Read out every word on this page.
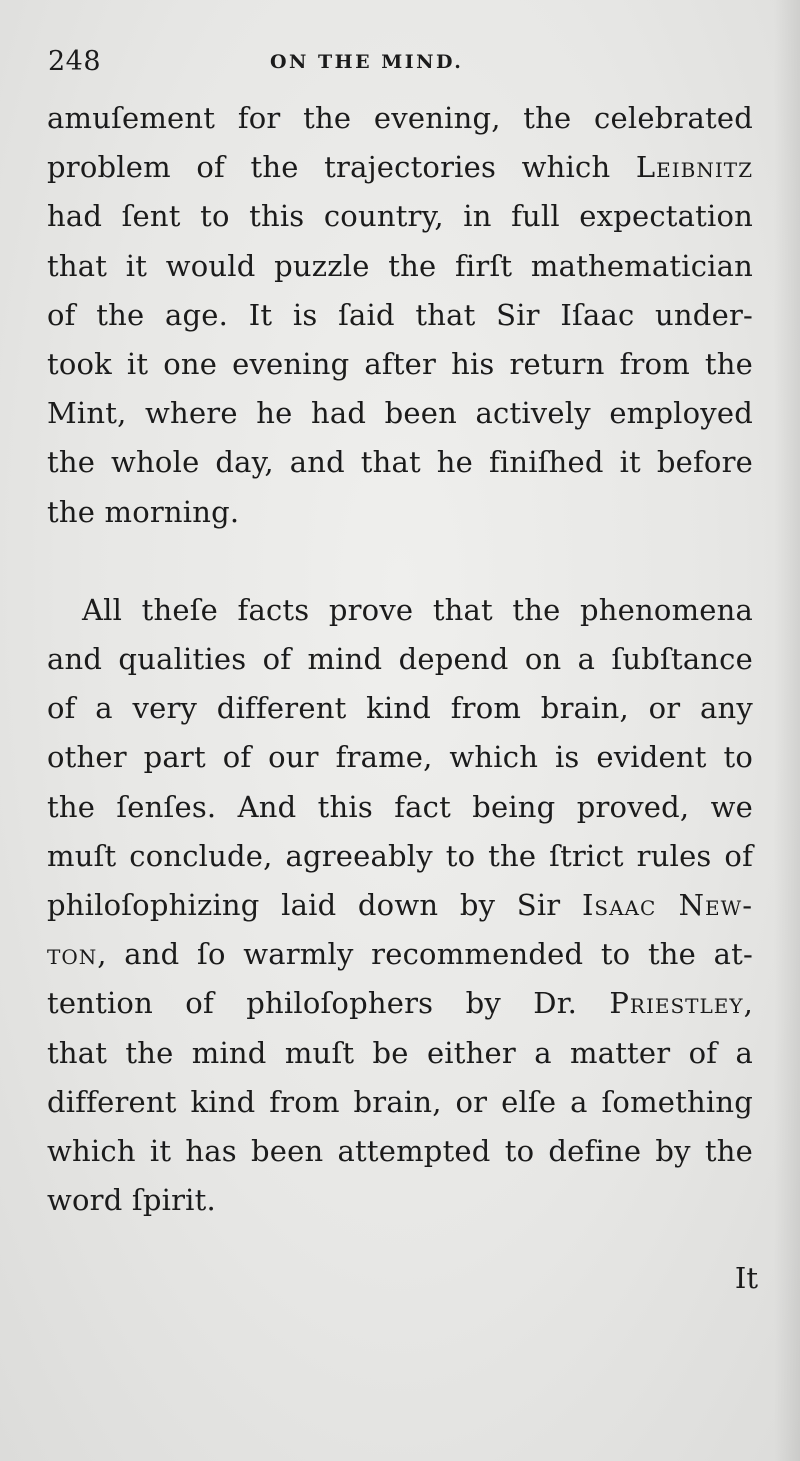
248	ON THE MIND.
amuſement for the evening, the celebrated
problem of the trajectories which Leibnitz
had ſent to this country, in full expectation
that it would puzzle the firſt mathematician
of the age. It is ſaid that Sir Iſaac under-
took it one evening after his return from the
Mint, where he had been actively employed
the whole day, and that he finiſhed it before
the morning.
All theſe facts prove that the phenomena
and qualities of mind depend on a ſubſtance
of a very different kind from brain, or any
other part of our frame, which is evident to
the ſenſes. And this fact being proved, we
muſt conclude, agreeably to the ſtrict rules of
philoſophizing laid down by Sir Isaac New-
ton, and ſo warmly recommended to the at-
tention of philoſophers by Dr. Priestley,
that the mind muſt be either a matter of a
different kind from brain, or elſe a ſomething
which it has been attempted to define by the
word ſpirit.
It
